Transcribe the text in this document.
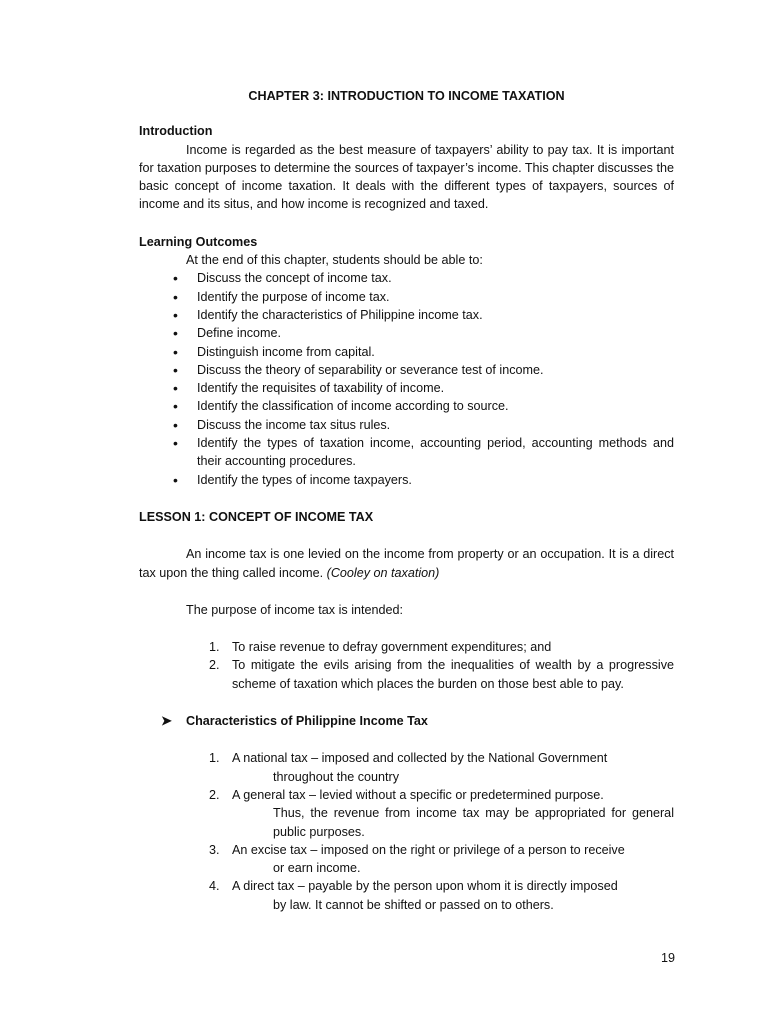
CHAPTER 3: INTRODUCTION TO INCOME TAXATION

Introduction

Income is regarded as the best measure of taxpayers’ ability to pay tax. It is important for taxation purposes to determine the sources of taxpayer’s income. This chapter discusses the basic concept of income taxation. It deals with the different types of taxpayers, sources of income and its situs, and how income is recognized and taxed.

Learning Outcomes

At the end of this chapter, students should be able to:

• Discuss the concept of income tax.
• Identify the purpose of income tax.
• Identify the characteristics of Philippine income tax.
• Define income.
• Distinguish income from capital.
• Discuss the theory of separability or severance test of income.
• Identify the requisites of taxability of income.
• Identify the classification of income according to source.
• Discuss the income tax situs rules.
• Identify the types of taxation income, accounting period, accounting methods and their accounting procedures.
• Identify the types of income taxpayers.

LESSON 1: CONCEPT OF INCOME TAX

An income tax is one levied on the income from property or an occupation. It is a direct tax upon the thing called income. (Cooley on taxation)

The purpose of income tax is intended:

1. To raise revenue to defray government expenditures; and
2. To mitigate the evils arising from the inequalities of wealth by a progressive scheme of taxation which places the burden on those best able to pay.

➤ Characteristics of Philippine Income Tax

1. A national tax – imposed and collected by the National Government
throughout the country
2. A general tax – levied without a specific or predetermined purpose.
Thus, the revenue from income tax may be appropriated for general public purposes.
3. An excise tax – imposed on the right or privilege of a person to receive
or earn income.
4. A direct tax – payable by the person upon whom it is directly imposed
by law. It cannot be shifted or passed on to others.
19
